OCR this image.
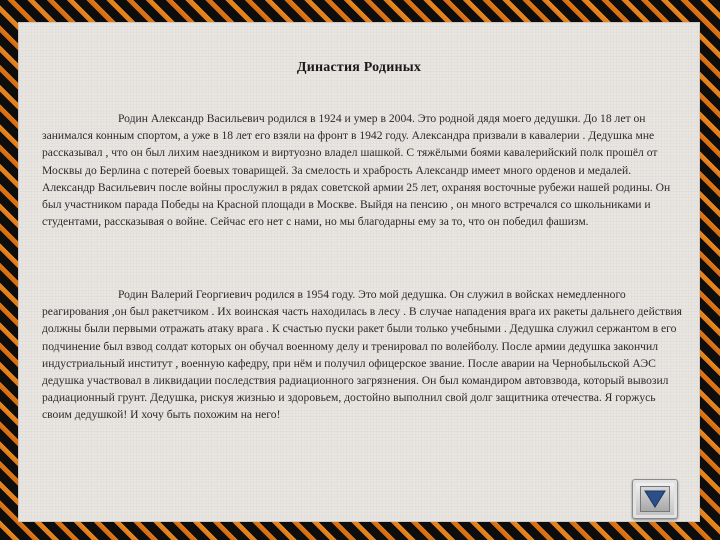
Династия Родиных

Родин Александр Васильевич родился в 1924 и умер в 2004. Это родной дядя моего дедушки. До 18 лет он занимался конным спортом, а уже в 18 лет его взяли на фронт в 1942 году. Александра призвали в кавалерии . Дедушка мне рассказывал , что он был лихим наездником и виртуозно владел шашкой. С тяжёлыми боями кавалерийский полк прошёл от Москвы до Берлина с потерей боевых товарищей. За смелость и храбрость Александр имеет много орденов и медалей. Александр Васильевич после войны прослужил в рядах советской армии 25 лет, охраняя восточные рубежи нашей родины. Он был участником парада Победы на Красной площади в Москве. Выйдя на пенсию , он много встречался со школьниками и студентами, рассказывая о войне. Сейчас его нет с нами, но мы благодарны ему за то, что он победил фашизм.

Родин Валерий Георгиевич родился в 1954 году. Это мой дедушка. Он служил в войсках немедленного реагирования ,он был ракетчиком . Их воинская часть находилась в лесу . В случае нападения врага их ракеты дальнего действия должны были первыми отражать атаку врага . К счастью пуски ракет были только учебными . Дедушка служил сержантом в его подчинение был взвод солдат которых он обучал военному делу и тренировал по волейболу. После армии дедушка закончил индустриальный институт , военную кафедру, при нём и получил офицерское звание. После аварии на Чернобыльской АЭС дедушка участвовал в ликвидации последствия радиационного загрязнения. Он был командиром автовзвода, который вывозил радиационный грунт. Дедушка, рискуя жизнью и здоровьем, достойно выполнил свой долг защитника отечества. Я горжусь своим дедушкой! И хочу быть похожим на него!
